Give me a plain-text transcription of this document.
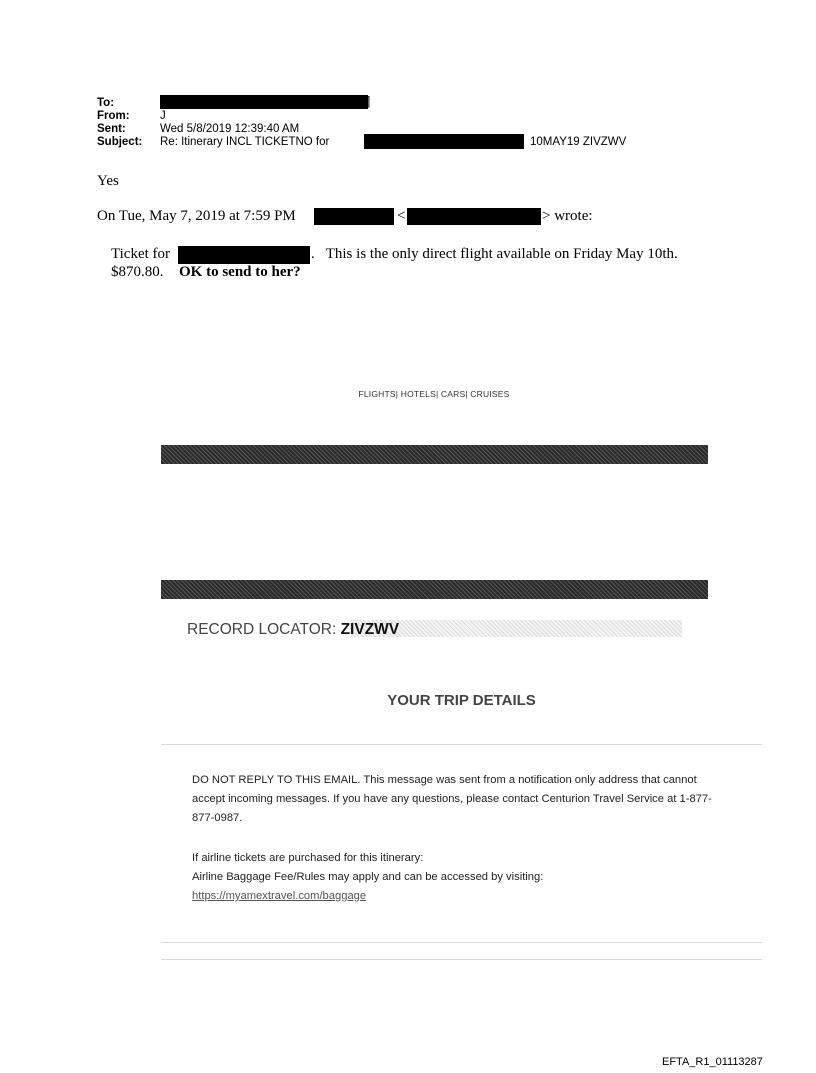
To:	]
From:	J
Sent:	Wed 5/8/2019 12:39:40 AM
Subject: Re: Itinerary INCL TICKETNO for	10MAY19 ZIVZWV
Yes
On Tue, May 7, 2019 at 7:59 PM	<	> wrote:
Ticket for	.   This is the only direct flight available on Friday May 10th.
$870.80. OK to send to her?
FLIGHTS| HOTELS| CARS| CRUISES
RECORD LOCATOR: ZIVZWV
YOUR TRIP DETAILS
DO NOT REPLY TO THIS EMAIL. This message was sent from a notification only address that cannot accept incoming messages. If you have any questions, please contact Centurion Travel Service at 1-877-877-0987.
If airline tickets are purchased for this itinerary:
Airline Baggage Fee/Rules may apply and can be accessed by visiting:
https://myamextravel.com/baggage
EFTA_R1_01113287
